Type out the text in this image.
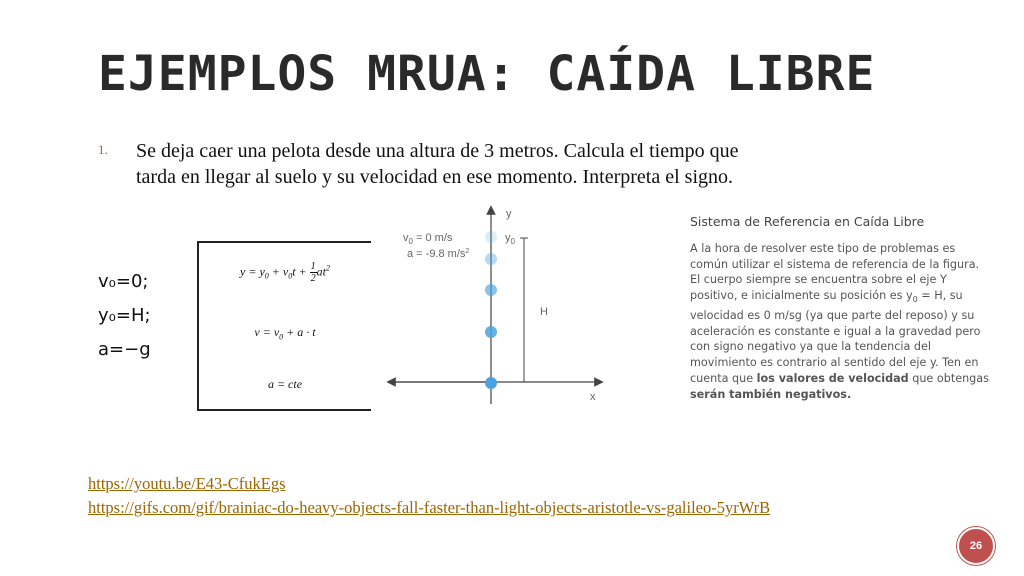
EJEMPLOS MRUA: CAÍDA LIBRE
1. Se deja caer una pelota desde una altura de 3 metros. Calcula el tiempo que
tarda en llegar al suelo y su velocidad en ese momento. Interpreta el signo.
v₀=0;
y₀=H;
a=−g
$y = y_0 + v_0t + \frac{1}{2} at^2$
$v = v_0 + a \cdot t$
a = cte
y
x
$v_0 = 0$ m/s
a = -9.8 $m/s^2$
$y_0$
H
Sistema de Referencia en Caída Libre
A la hora de resolver este tipo de problemas es común utilizar el sistema de referencia de la figura. El cuerpo siempre se encuentra sobre el eje Y positivo, e inicialmente su posición es $y_0 = H$, su velocidad es 0 m/sg (ya que parte del reposo) y su aceleración es constante e igual a la gravedad pero con signo negativo ya que la tendencia del movimiento es contrario al sentido del eje y. Ten en cuenta que los valores de velocidad que obtengas serán también negativos.
https://youtu.be/E43-CfukEgs
https://gifs.com/gif/brainiac-do-heavy-objects-fall-faster-than-light-objects-aristotle-vs-galileo-5yrWrB
26
